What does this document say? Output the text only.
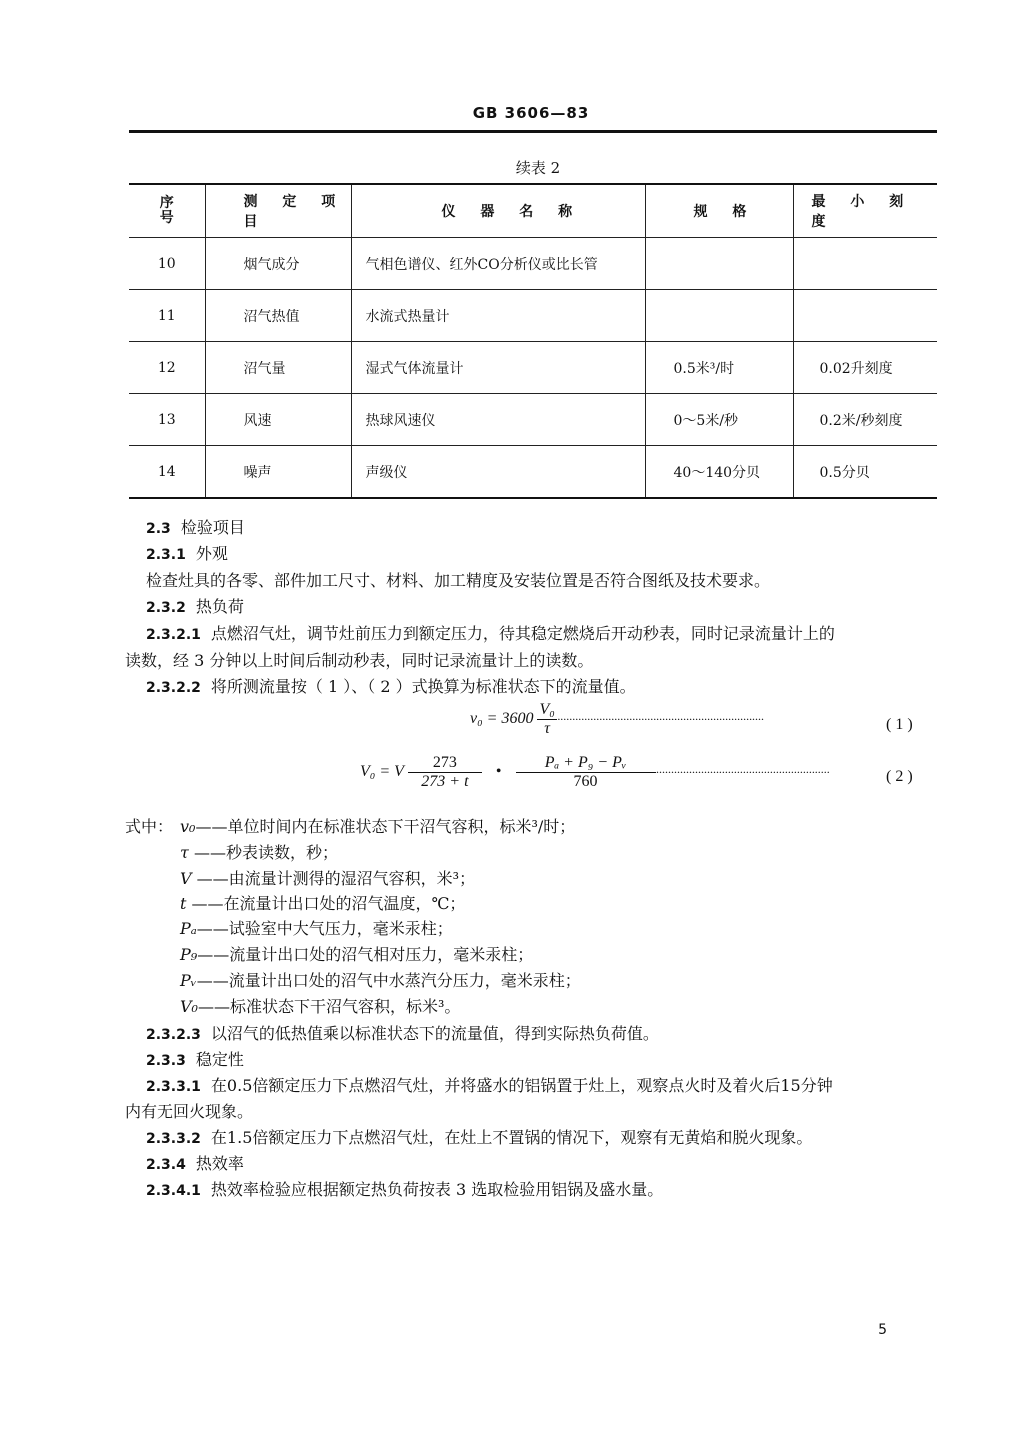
GB 3606—83
续表 2
序号	测 定 项 目	仪 器 名 称	规 格	最 小 刻 度
10	烟气成分	气相色谱仪、红外CO分析仪或比长管		
11	沼气热值	水流式热量计		
12	沼气量	湿式气体流量计	0.5米³/时	0.02升刻度
13	风速	热球风速仪	0～5米/秒	0.2米/秒刻度
14	噪声	声级仪	40～140分贝	0.5分贝
2.3 检验项目
2.3.1 外观
检查灶具的各零、部件加工尺寸、材料、加工精度及安装位置是否符合图纸及技术要求。
2.3.2 热负荷
2.3.2.1 点燃沼气灶，调节灶前压力到额定压力，待其稳定燃烧后开动秒表，同时记录流量计上的
读数，经 3 分钟以上时间后制动秒表，同时记录流量计上的读数。
2.3.2.2 将所测流量按（ 1 ）、（ 2 ）式换算为标准状态下的流量值。
$v_0 = 3600 \frac{\text{V₀}}{\tau}$ ·····································································	( 1 )
V₀ = V $\frac{273}{273 + t}$ • $\frac{\text{Pₐ + P₉ − Pᵥ}}{760}$ ··························································	( 2 )
式中： v₀——单位时间内在标准状态下干沼气容积，标米³/时；
τ ——秒表读数，秒；
V ——由流量计测得的湿沼气容积，米³；
t ——在流量计出口处的沼气温度，℃；
Pₐ——试验室中大气压力，毫米汞柱；
P₉——流量计出口处的沼气相对压力，毫米汞柱；
Pᵥ——流量计出口处的沼气中水蒸汽分压力，毫米汞柱；
V₀——标准状态下干沼气容积，标米³。
2.3.2.3 以沼气的低热值乘以标准状态下的流量值，得到实际热负荷值。
2.3.3 稳定性
2.3.3.1 在0.5倍额定压力下点燃沼气灶，并将盛水的铝锅置于灶上，观察点火时及着火后15分钟
内有无回火现象。
2.3.3.2 在1.5倍额定压力下点燃沼气灶，在灶上不置锅的情况下，观察有无黄焰和脱火现象。
2.3.4 热效率
2.3.4.1 热效率检验应根据额定热负荷按表 3 选取检验用铝锅及盛水量。
5
